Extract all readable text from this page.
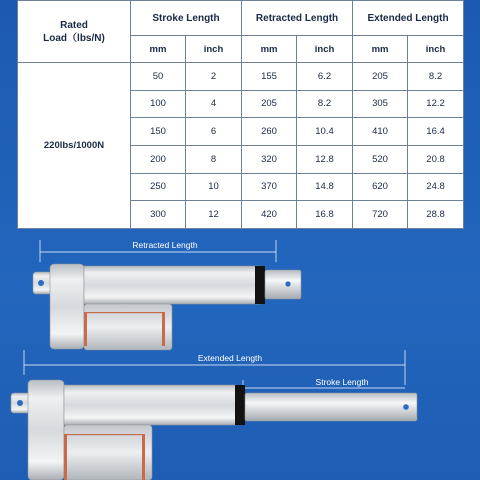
Rated
Load（lbs/N)	Stroke Length		Retracted Length		Extended Length	
	mm	inch	mm	inch	mm	inch
220lbs/1000N	50	2	155	6.2	205	8.2
	100	4	205	8.2	305	12.2
	150	6	260	10.4	410	16.4
	200	8	320	12.8	520	20.8
	250	10	370	14.8	620	24.8
	300	12	420	16.8	720	28.8
Retracted Length
Extended Length
Stroke Length
